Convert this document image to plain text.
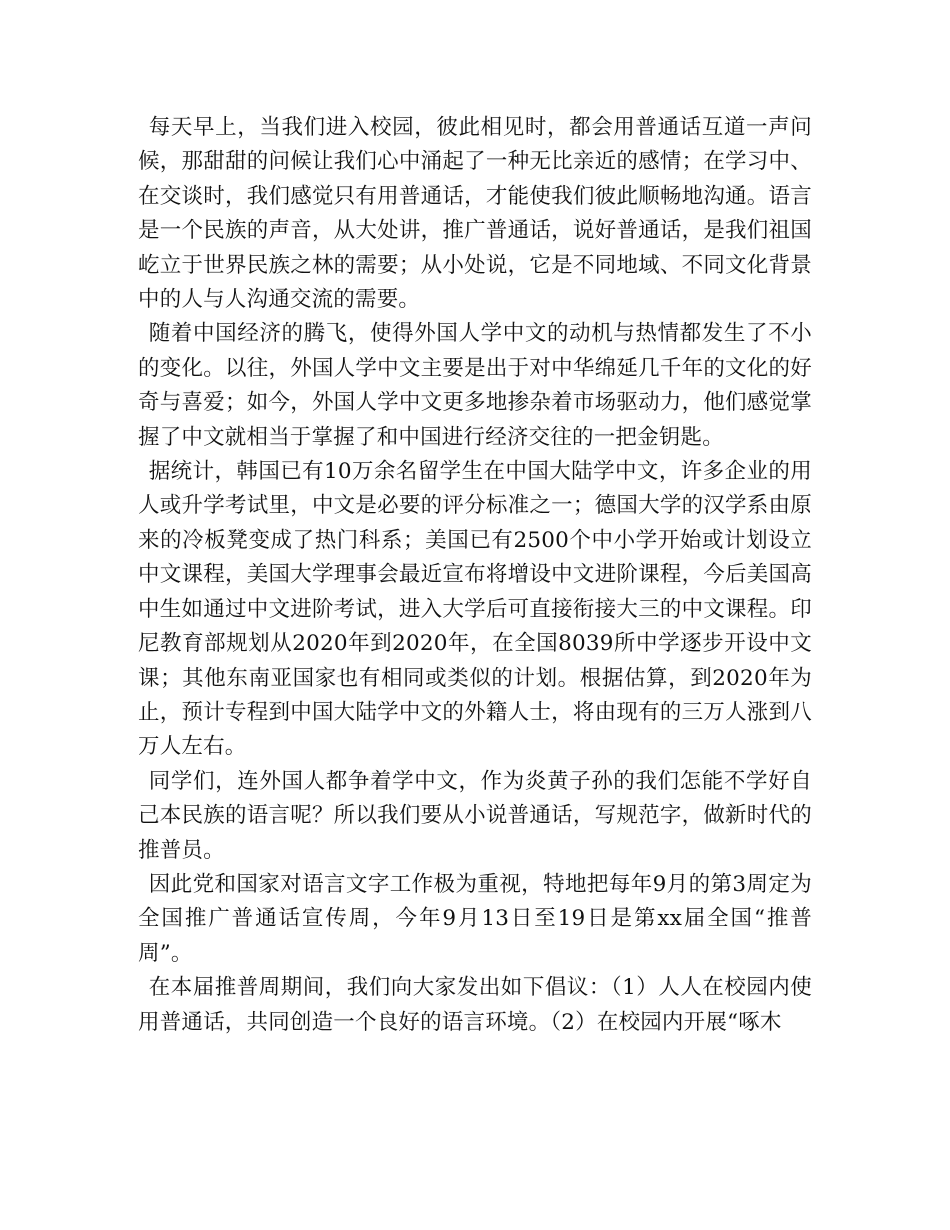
每天早上，当我们进入校园，彼此相见时，都会用普通话互道一声问候，那甜甜的问候让我们心中涌起了一种无比亲近的感情；在学习中、在交谈时，我们感觉只有用普通话，才能使我们彼此顺畅地沟通。语言是一个民族的声音，从大处讲，推广普通话，说好普通话，是我们祖国屹立于世界民族之林的需要；从小处说，它是不同地域、不同文化背景中的人与人沟通交流的需要。

随着中国经济的腾飞，使得外国人学中文的动机与热情都发生了不小的变化。以往，外国人学中文主要是出于对中华绵延几千年的文化的好奇与喜爱；如今，外国人学中文更多地掺杂着市场驱动力，他们感觉掌握了中文就相当于掌握了和中国进行经济交往的一把金钥匙。

据统计，韩国已有10万余名留学生在中国大陆学中文，许多企业的用人或升学考试里，中文是必要的评分标准之一；德国大学的汉学系由原来的冷板凳变成了热门科系；美国已有2500个中小学开始或计划设立中文课程，美国大学理事会最近宣布将增设中文进阶课程，今后美国高中生如通过中文进阶考试，进入大学后可直接衔接大三的中文课程。印尼教育部规划从2020年到2020年，在全国8039所中学逐步开设中文课；其他东南亚国家也有相同或类似的计划。根据估算，到2020年为止，预计专程到中国大陆学中文的外籍人士，将由现有的三万人涨到八万人左右。

同学们，连外国人都争着学中文，作为炎黄子孙的我们怎能不学好自己本民族的语言呢？所以我们要从小说普通话，写规范字，做新时代的推普员。

因此党和国家对语言文字工作极为重视，特地把每年9月的第3周定为全国推广普通话宣传周，今年9月13日至19日是第xx届全国“推普周”。

在本届推普周期间，我们向大家发出如下倡议：（1）人人在校园内使用普通话，共同创造一个良好的语言环境。（2）在校园内开展“啄木
